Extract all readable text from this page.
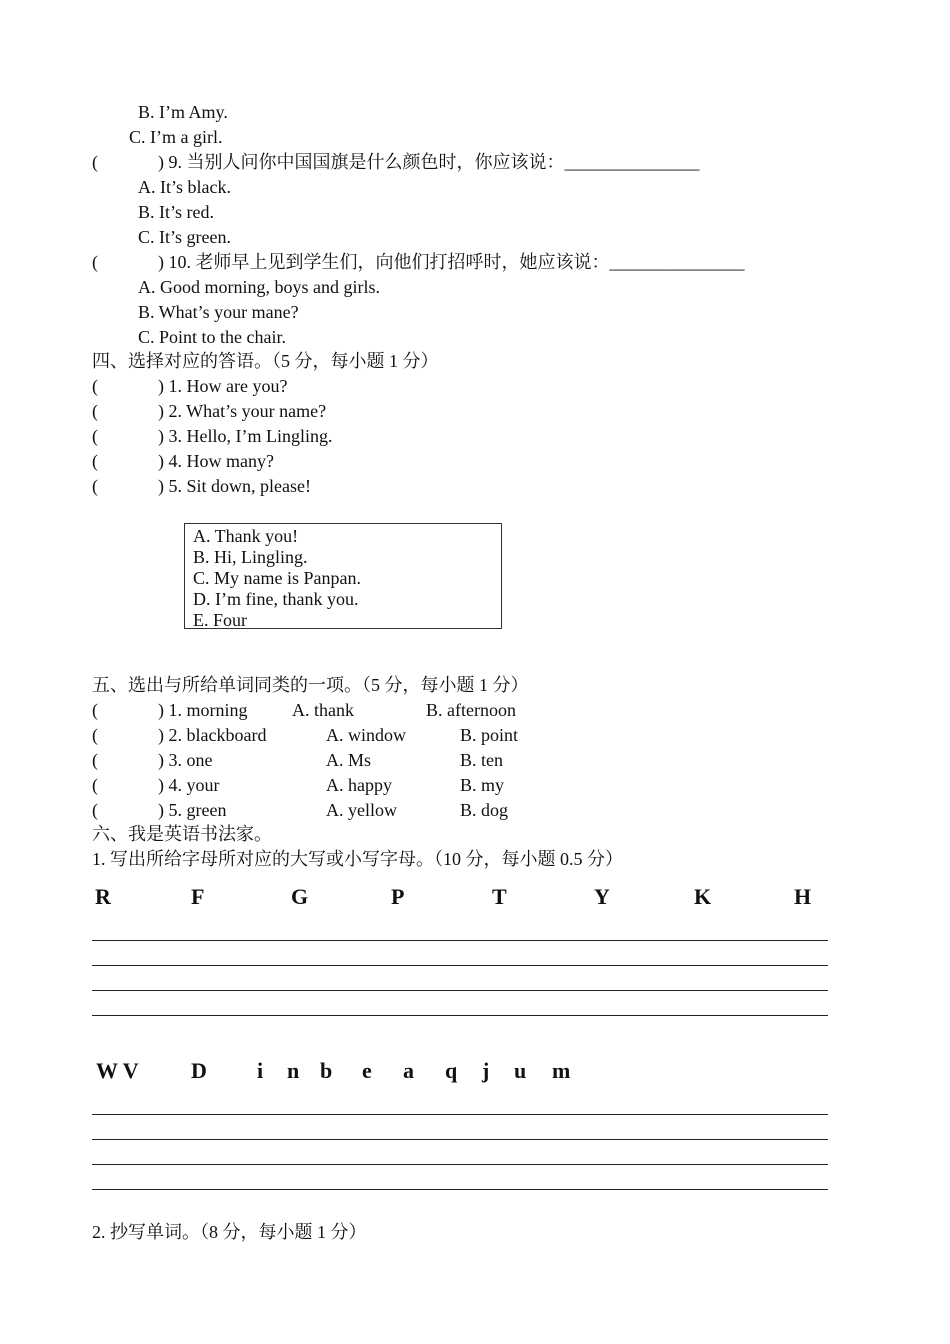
B. I’m Amy.
C. I’m a girl.
(	) 9. 当别人问你中国国旗是什么颜色时，你应该说：_______________
A. It’s black.
B. It’s red.
C. It’s green.
(	) 10. 老师早上见到学生们，向他们打招呼时，她应该说：_______________
A. Good morning, boys and girls.
B. What’s your mane?
C. Point to the chair.
四、选择对应的答语。（5 分，每小题 1 分）
(	) 1. How are you?
(	) 2. What’s your name?
(	) 3. Hello, I’m Lingling.
(	) 4. How many?
(	) 5. Sit down, please!
A. Thank you!
B. Hi, Lingling.
C. My name is Panpan.
D. I’m fine, thank you.
E. Four
五、选出与所给单词同类的一项。（5 分，每小题 1 分）
(	) 1. morning A. thank	B. afternoon
(	) 2. blackboard	A. window	B. point
(	) 3. one	A. Ms	B. ten
(	) 4. your	A. happy	B. my
(	) 5. green	A. yellow	B. dog
六、我是英语书法家。
1. 写出所给字母所对应的大写或小写字母。（10 分，每小题 0.5 分）
R	F	G	P	T	Y	K	H
W V D i n b e a q j u m
2. 抄写单词。（8 分，每小题 1 分）
